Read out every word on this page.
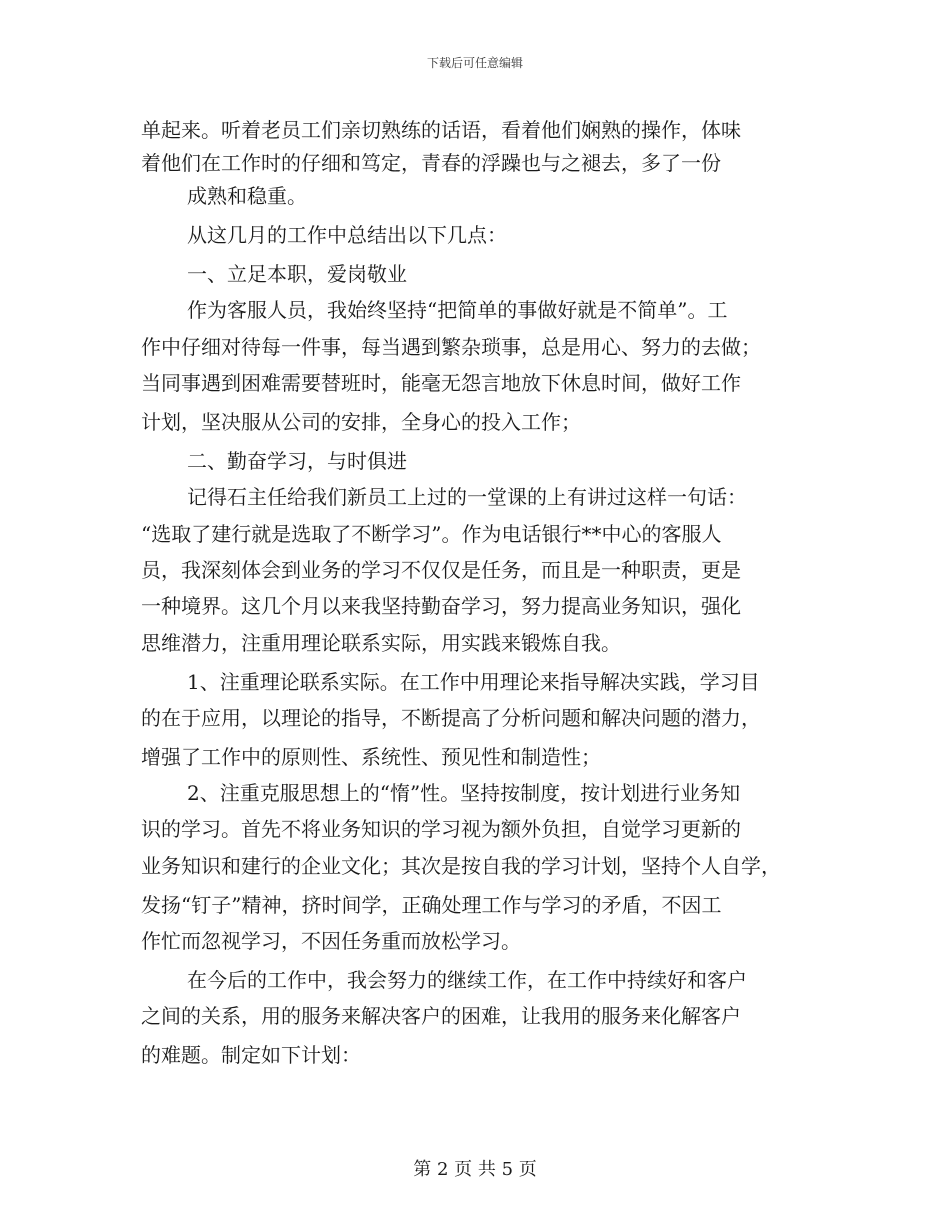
下载后可任意编辑
单起来。听着老员工们亲切熟练的话语，看着他们娴熟的操作，体味
着他们在工作时的仔细和笃定，青春的浮躁也与之褪去，多了一份
成熟和稳重。
从这几月的工作中总结出以下几点：
一、立足本职，爱岗敬业
作为客服人员，我始终坚持“把简单的事做好就是不简单”。工
作中仔细对待每一件事，每当遇到繁杂琐事，总是用心、努力的去做；
当同事遇到困难需要替班时，能毫无怨言地放下休息时间，做好工作
计划，坚决服从公司的安排，全身心的投入工作；
二、勤奋学习，与时俱进
记得石主任给我们新员工上过的一堂课的上有讲过这样一句话：
“选取了建行就是选取了不断学习”。作为电话银行**中心的客服人
员，我深刻体会到业务的学习不仅仅是任务，而且是一种职责，更是
一种境界。这几个月以来我坚持勤奋学习，努力提高业务知识，强化
思维潜力，注重用理论联系实际，用实践来锻炼自我。
1、注重理论联系实际。在工作中用理论来指导解决实践，学习目
的在于应用，以理论的指导，不断提高了分析问题和解决问题的潜力，
增强了工作中的原则性、系统性、预见性和制造性；
2、注重克服思想上的“惰”性。坚持按制度，按计划进行业务知
识的学习。首先不将业务知识的学习视为额外负担，自觉学习更新的
业务知识和建行的企业文化；其次是按自我的学习计划，坚持个人自学，
发扬“钉子”精神，挤时间学，正确处理工作与学习的矛盾，不因工
作忙而忽视学习，不因任务重而放松学习。
在今后的工作中，我会努力的继续工作，在工作中持续好和客户
之间的关系，用的服务来解决客户的困难，让我用的服务来化解客户
的难题。制定如下计划：
第 2 页 共 5 页
